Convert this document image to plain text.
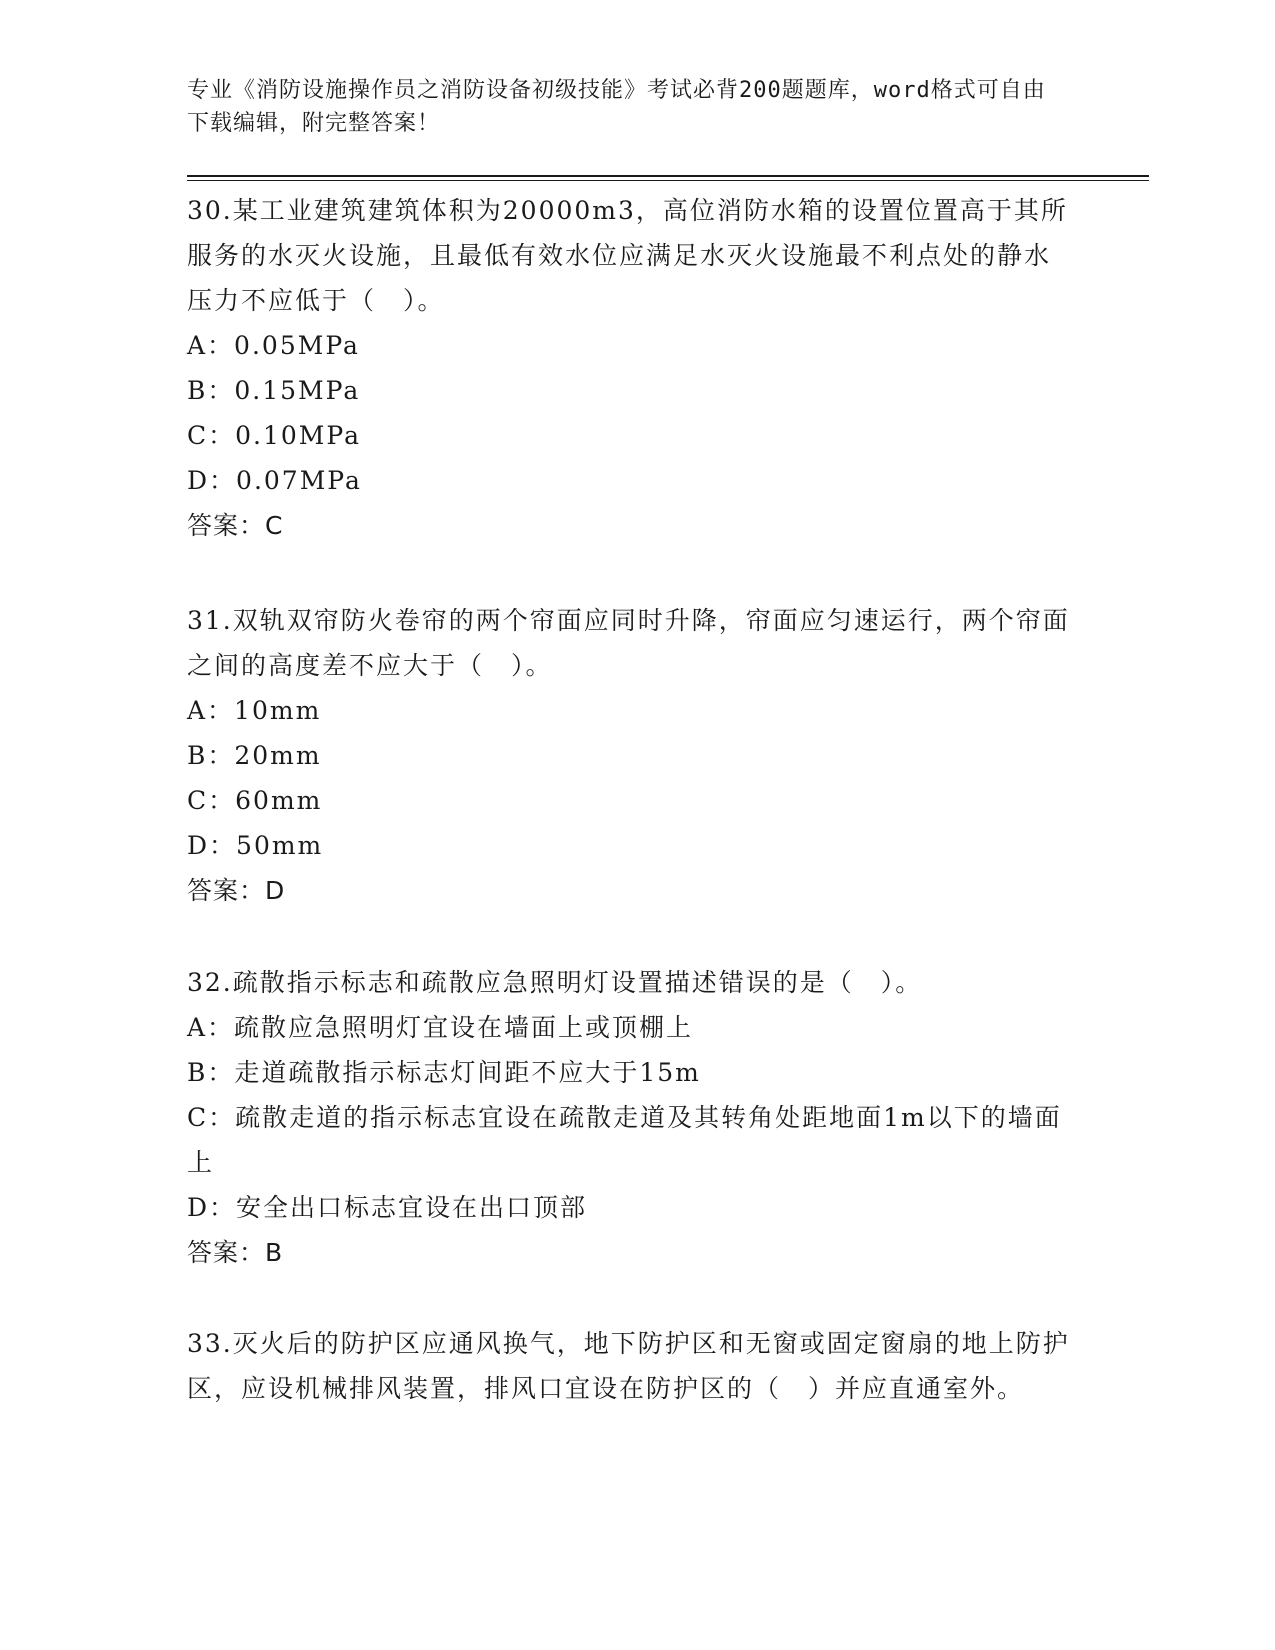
专业《消防设施操作员之消防设备初级技能》考试必背200题题库，word格式可自由下载编辑，附完整答案！

30.某工业建筑建筑体积为20000m3，高位消防水箱的设置位置高于其所服务的水灭火设施，且最低有效水位应满足水灭火设施最不利点处的静水压力不应低于（　）。

A：0.05MPa

B：0.15MPa

C：0.10MPa

D：0.07MPa

答案：C

31.双轨双帘防火卷帘的两个帘面应同时升降，帘面应匀速运行，两个帘面之间的高度差不应大于（　）。

A：10mm

B：20mm

C：60mm

D：50mm

答案：D

32.疏散指示标志和疏散应急照明灯设置描述错误的是（　）。

A：疏散应急照明灯宜设在墙面上或顶棚上

B：走道疏散指示标志灯间距不应大于15m

C：疏散走道的指示标志宜设在疏散走道及其转角处距地面1m以下的墙面上

D：安全出口标志宜设在出口顶部

答案：B

33.灭火后的防护区应通风换气，地下防护区和无窗或固定窗扇的地上防护区，应设机械排风装置，排风口宜设在防护区的（　）并应直通室外。
